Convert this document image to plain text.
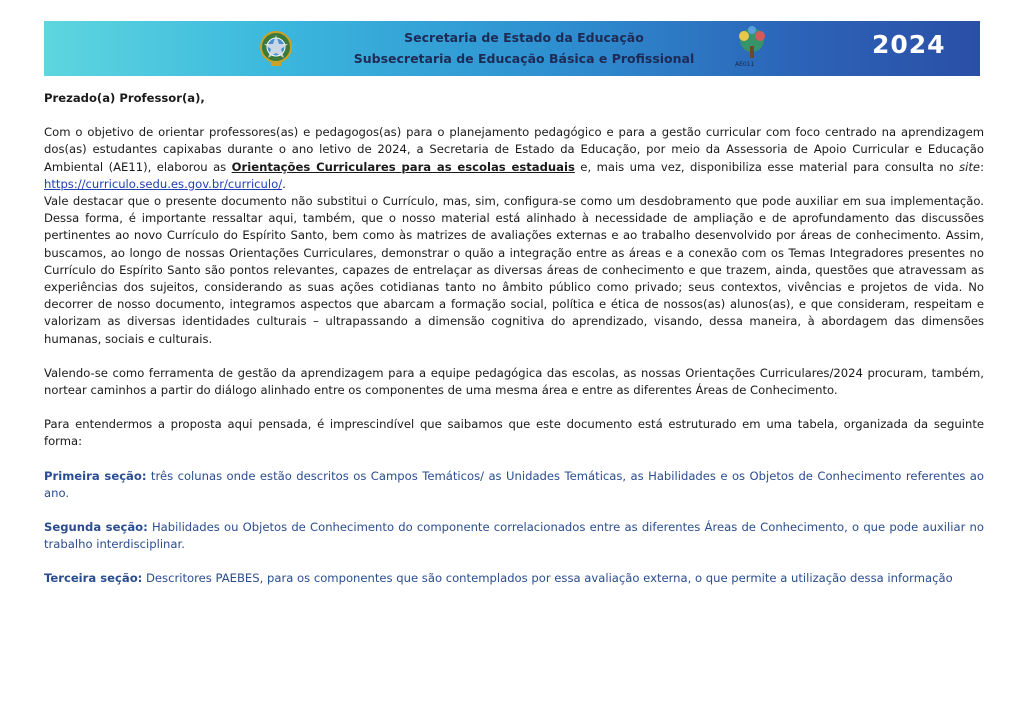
Secretaria de Estado da Educação
Subsecretaria de Educação Básica e Profissional	AE011
2024

Prezado(a) Professor(a),

Com o objetivo de orientar professores(as) e pedagogos(as) para o planejamento pedagógico e para a gestão curricular com foco centrado na aprendizagem dos(as) estudantes capixabas durante o ano letivo de 2024, a Secretaria de Estado da Educação, por meio da Assessoria de Apoio Curricular e Educação Ambiental (AE11), elaborou as Orientações Curriculares para as escolas estaduais e, mais uma vez, disponibiliza esse material para consulta no site: https://curriculo.sedu.es.gov.br/curriculo/.

Vale destacar que o presente documento não substitui o Currículo, mas, sim, configura-se como um desdobramento que pode auxiliar em sua implementação. Dessa forma, é importante ressaltar aqui, também, que o nosso material está alinhado à necessidade de ampliação e de aprofundamento das discussões pertinentes ao novo Currículo do Espírito Santo, bem como às matrizes de avaliações externas e ao trabalho desenvolvido por áreas de conhecimento. Assim, buscamos, ao longo de nossas Orientações Curriculares, demonstrar o quão a integração entre as áreas e a conexão com os Temas Integradores presentes no Currículo do Espírito Santo são pontos relevantes, capazes de entrelaçar as diversas áreas de conhecimento e que trazem, ainda, questões que atravessam as experiências dos sujeitos, considerando as suas ações cotidianas tanto no âmbito público como privado; seus contextos, vivências e projetos de vida. No decorrer de nosso documento, integramos aspectos que abarcam a formação social, política e ética de nossos(as) alunos(as), e que consideram, respeitam e valorizam as diversas identidades culturais – ultrapassando a dimensão cognitiva do aprendizado, visando, dessa maneira, à abordagem das dimensões humanas, sociais e culturais.

Valendo-se como ferramenta de gestão da aprendizagem para a equipe pedagógica das escolas, as nossas Orientações Curriculares/2024 procuram, também, nortear caminhos a partir do diálogo alinhado entre os componentes de uma mesma área e entre as diferentes Áreas de Conhecimento.

Para entendermos a proposta aqui pensada, é imprescindível que saibamos que este documento está estruturado em uma tabela, organizada da seguinte forma:

Primeira seção: três colunas onde estão descritos os Campos Temáticos/ as Unidades Temáticas, as Habilidades e os Objetos de Conhecimento referentes ao ano.

Segunda seção: Habilidades ou Objetos de Conhecimento do componente correlacionados entre as diferentes Áreas de Conhecimento, o que pode auxiliar no trabalho interdisciplinar.

Terceira seção: Descritores PAEBES, para os componentes que são contemplados por essa avaliação externa, o que permite a utilização dessa informação
